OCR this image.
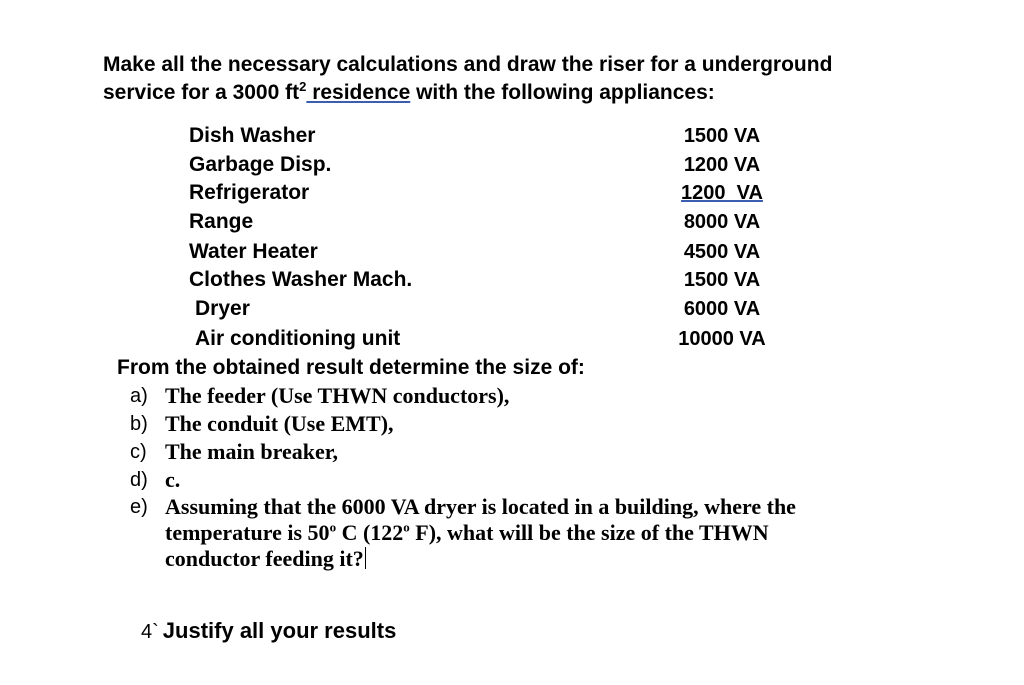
Make all the necessary calculations and draw the riser for a underground
service for a 3000 $ft^2$ residence with the following appliances:
Dish Washer	1500 VA
Garbage Disp.	1200 VA
Refrigerator	1200  VA
Range	8000 VA
Water Heater	4500 VA
Clothes Washer Mach.	1500 VA
Dryer	6000 VA
Air conditioning unit	10000 VA
From the obtained result determine the size of:
a) The feeder (Use THWN conductors),
b) The conduit (Use EMT),
c) The main breaker,
d) c.
e) Assuming that the 6000 VA dryer is located in a building, where the
temperature is 50$^o$ C (122$^o$ F), what will be the size of the THWN
conductor feeding it?
4` Justify all your results
